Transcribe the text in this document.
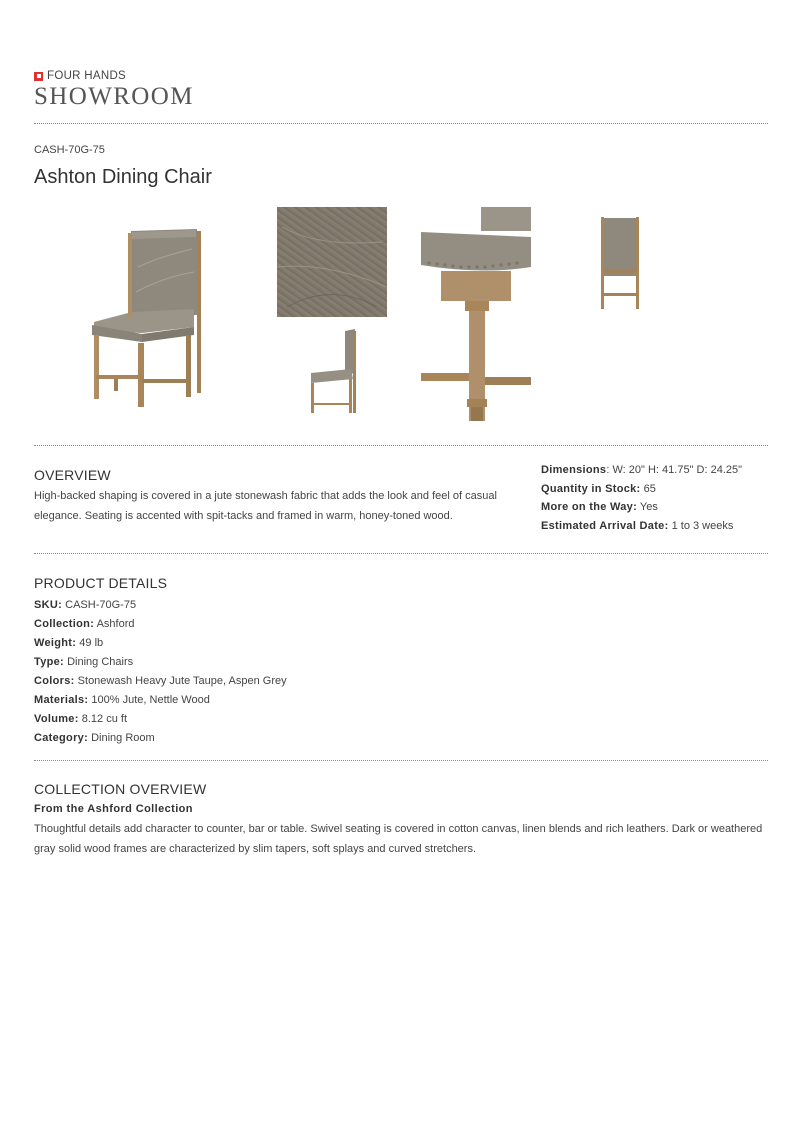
FOUR HANDS
SHOWROOM
CASH-70G-75
Ashton Dining Chair
OVERVIEW
High-backed shaping is covered in a jute stonewash fabric that adds the look and feel of casual elegance. Seating is accented with spit-tacks and framed in warm, honey-toned wood.
Dimensions: W: 20" H: 41.75" D: 24.25"
Quantity in Stock: 65
More on the Way: Yes
Estimated Arrival Date: 1 to 3 weeks
PRODUCT DETAILS
SKU: CASH-70G-75
Collection: Ashford
Weight: 49 lb
Type: Dining Chairs
Colors: Stonewash Heavy Jute Taupe, Aspen Grey
Materials: 100% Jute, Nettle Wood
Volume: 8.12 cu ft
Category: Dining Room
COLLECTION OVERVIEW
From the Ashford Collection
Thoughtful details add character to counter, bar or table. Swivel seating is covered in cotton canvas, linen blends and rich leathers. Dark or weathered gray solid wood frames are characterized by slim tapers, soft splays and curved stretchers.
